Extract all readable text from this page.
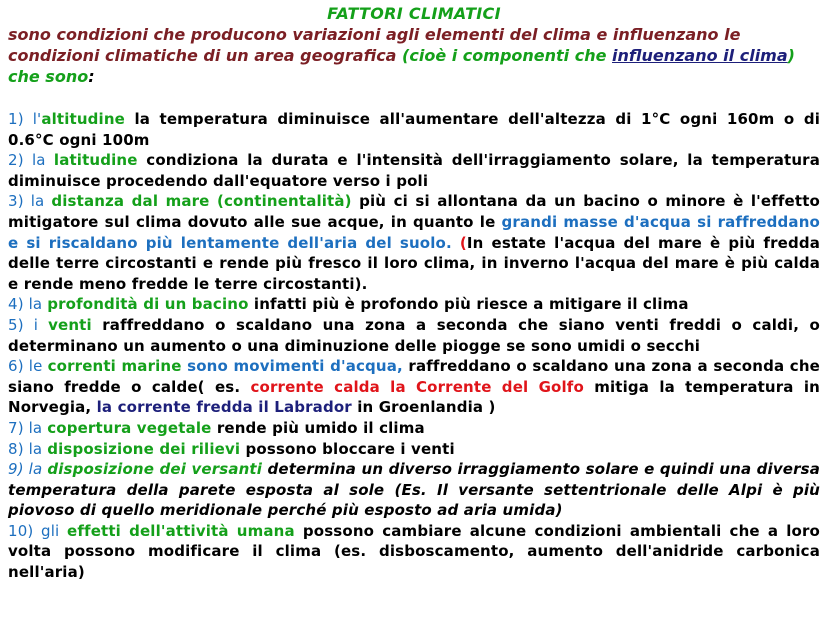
FATTORI CLIMATICI

sono condizioni che producono variazioni agli elementi del clima e influenzano le condizioni climatiche di un area geografica (cioè i componenti che influenzano il clima) che sono:

1) l'altitudine la temperatura diminuisce all'aumentare dell'altezza di 1°C ogni 160m o di 0.6°C ogni 100m
2) la latitudine condiziona la durata e l'intensità dell'irraggiamento solare, la temperatura diminuisce procedendo dall'equatore verso i poli
3) la distanza dal mare (continentalità) più ci si allontana da un bacino o minore è l'effetto mitigatore sul clima dovuto alle sue acque, in quanto le grandi masse d'acqua si raffreddano e si riscaldano più lentamente dell'aria del suolo. (In estate l'acqua del mare è più fredda delle terre circostanti e rende più fresco il loro clima, in inverno l'acqua del mare è più calda e rende meno fredde le terre circostanti).
4) la profondità di un bacino infatti più è profondo più riesce a mitigare il clima
5) i venti raffreddano o scaldano una zona a seconda che siano venti freddi o caldi, o determinano un aumento o una diminuzione delle piogge se sono umidi o secchi
6) le correnti marine sono movimenti d'acqua, raffreddano o scaldano una zona a seconda che siano fredde o calde( es. corrente calda la Corrente del Golfo mitiga la temperatura in Norvegia, la corrente fredda il Labrador in Groenlandia )
7) la copertura vegetale rende più umido il clima
8) la disposizione dei rilievi possono bloccare i venti
9) la disposizione dei versanti determina un diverso irraggiamento solare e quindi una diversa temperatura della parete esposta al sole (Es. Il versante settentrionale delle Alpi è più piovoso di quello meridionale perché più esposto ad aria umida)
10) gli effetti dell'attività umana possono cambiare alcune condizioni ambientali che a loro volta possono modificare il clima (es. disboscamento, aumento dell'anidride carbonica nell'aria)
